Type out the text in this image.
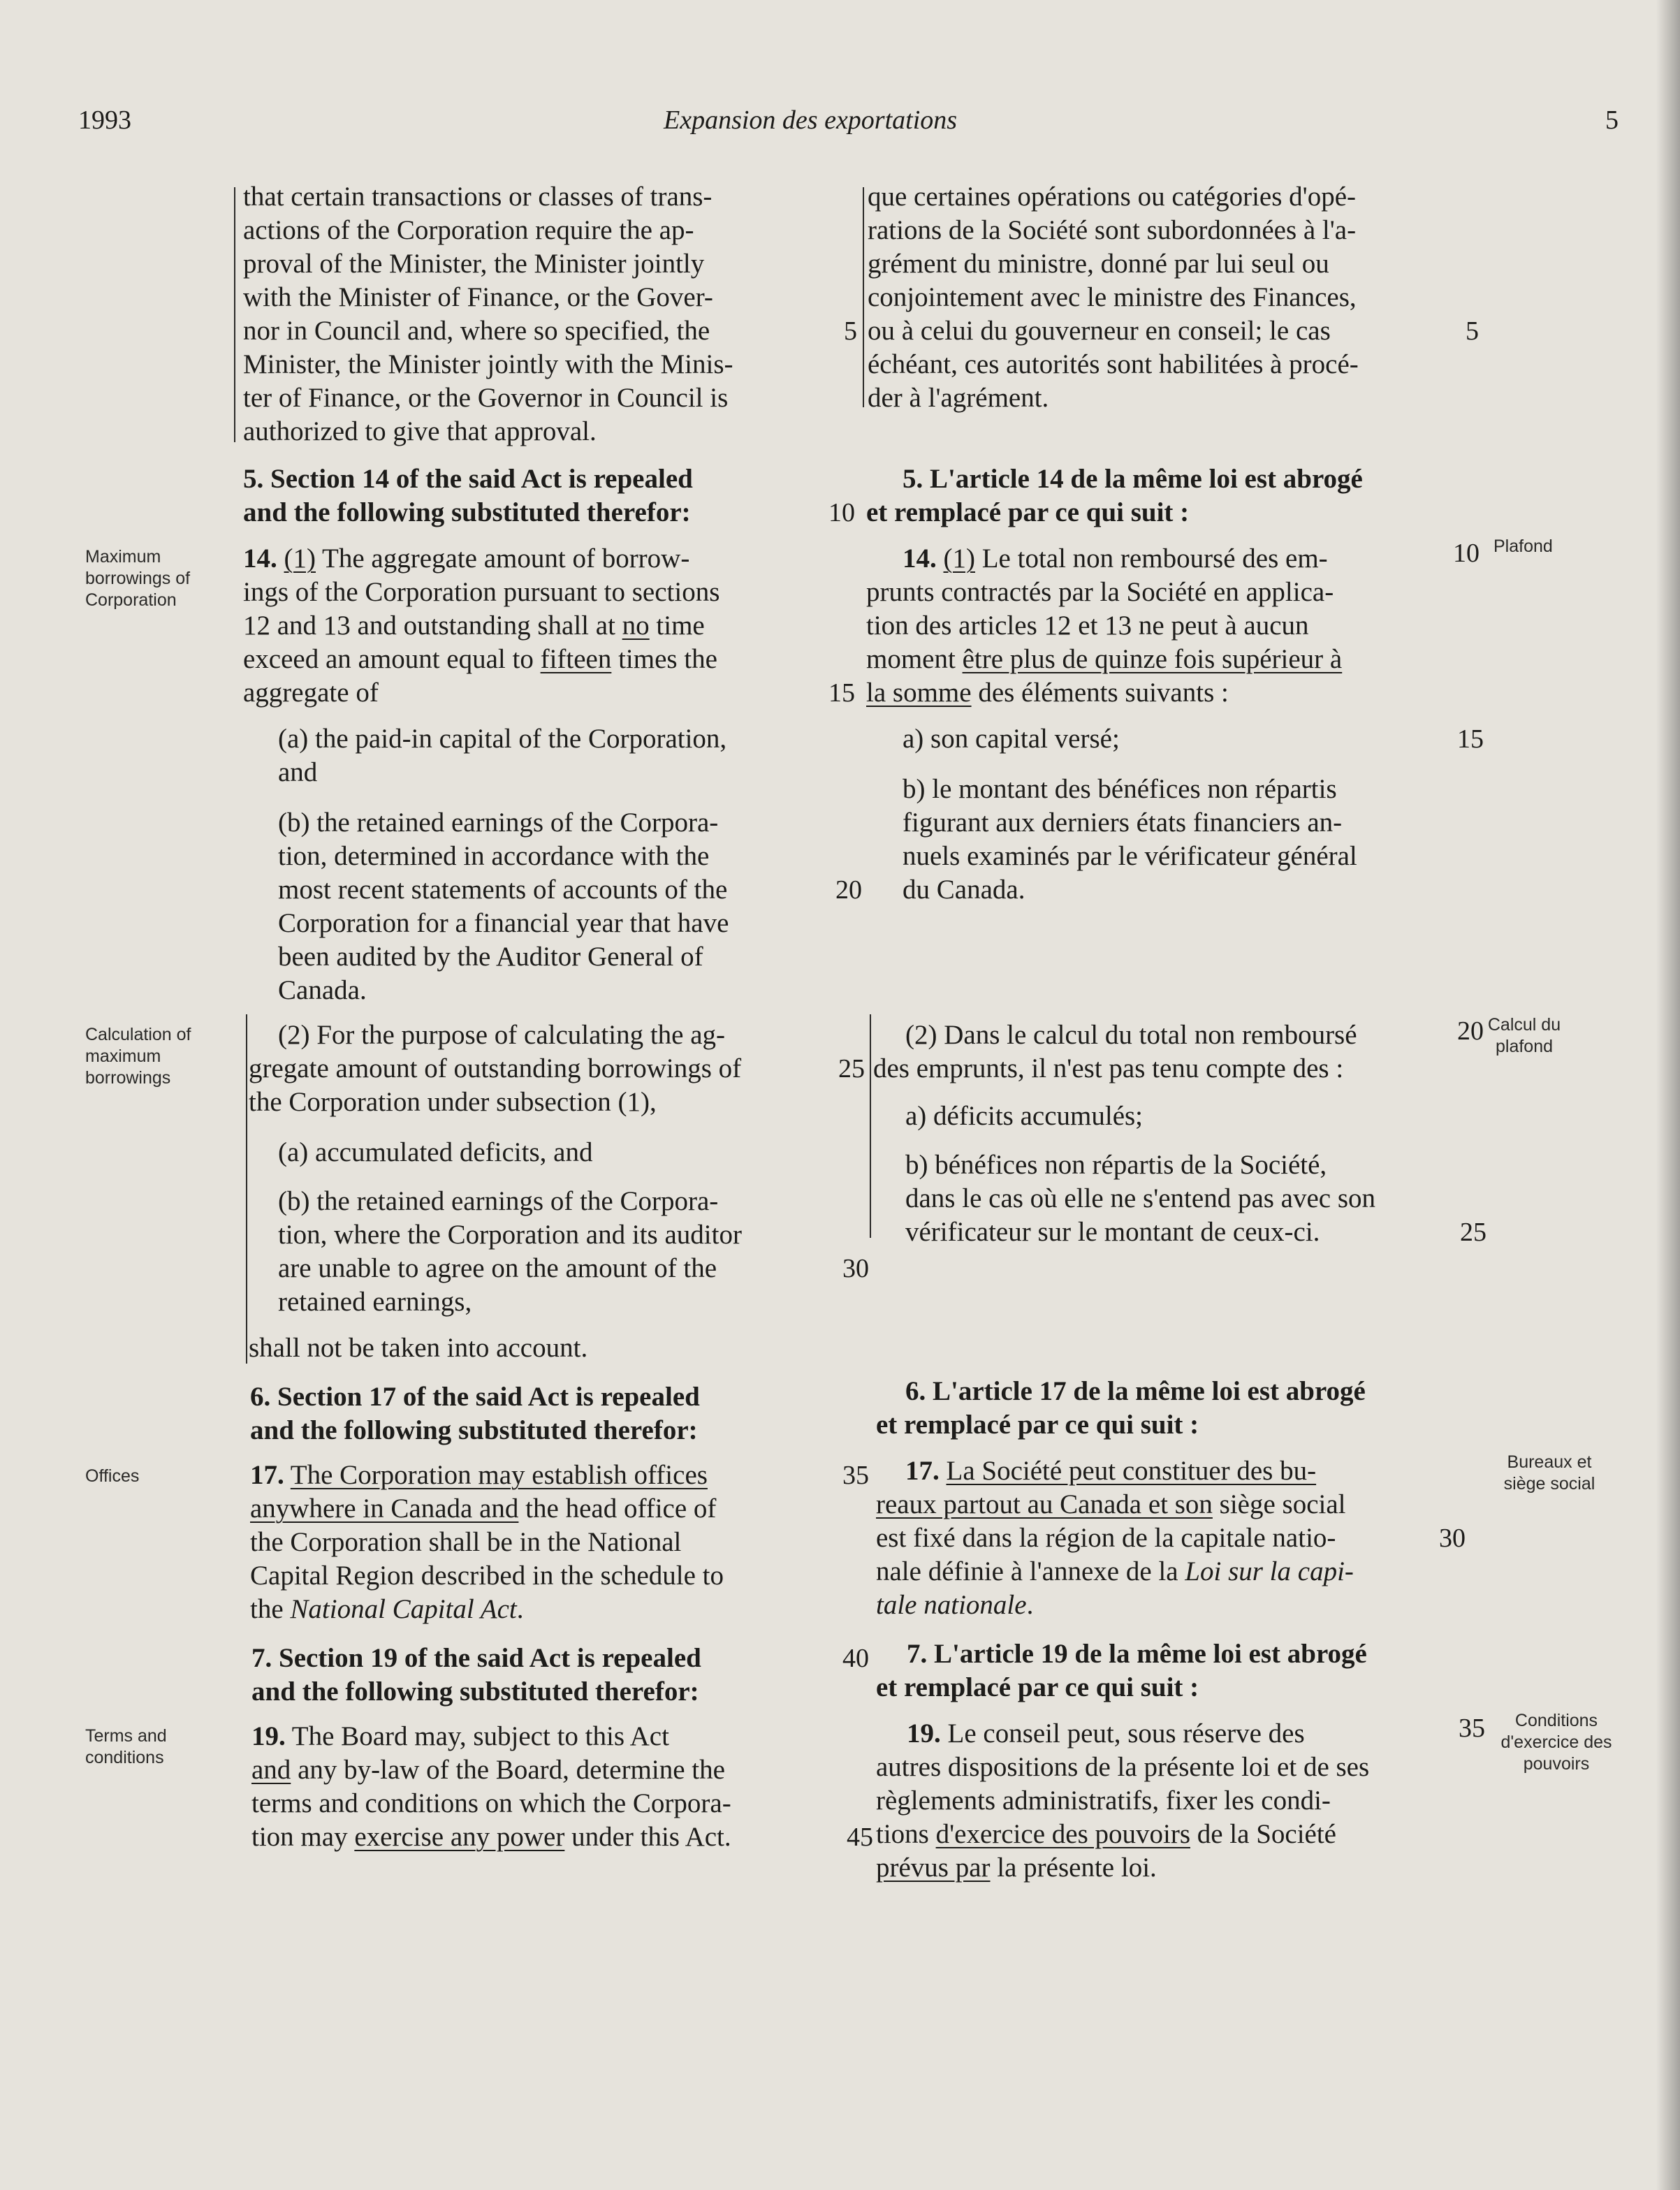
1993	Expansion des exportations	5
Maximum
borrowings of
Corporation
Calculation of
maximum
borrowings
Offices
Terms and
conditions
Plafond
Calcul du
plafond
Bureaux et
siège social
Conditions
d'exercice des
pouvoirs
that certain transactions or classes of trans-
actions of the Corporation require the ap-
proval of the Minister, the Minister jointly
with the Minister of Finance, or the Gover-
nor in Council and, where so specified, the
Minister, the Minister jointly with the Minis-
ter of Finance, or the Governor in Council is
authorized to give that approval.
5. Section 14 of the said Act is repealed
and the following substituted therefor:
14. (1) The aggregate amount of borrow-
ings of the Corporation pursuant to sections
12 and 13 and outstanding shall at no time
exceed an amount equal to fifteen times the
aggregate of
(a) the paid-in capital of the Corporation,
and
(b) the retained earnings of the Corpora-
tion, determined in accordance with the
most recent statements of accounts of the
Corporation for a financial year that have
been audited by the Auditor General of
Canada.
(2) For the purpose of calculating the ag-
gregate amount of outstanding borrowings of
the Corporation under subsection (1),
(a) accumulated deficits, and
(b) the retained earnings of the Corpora-
tion, where the Corporation and its auditor
are unable to agree on the amount of the
retained earnings,
shall not be taken into account.
6. Section 17 of the said Act is repealed
and the following substituted therefor:
17. The Corporation may establish offices
anywhere in Canada and the head office of
the Corporation shall be in the National
Capital Region described in the schedule to
the National Capital Act.
7. Section 19 of the said Act is repealed
and the following substituted therefor:
19. The Board may, subject to this Act
and any by-law of the Board, determine the
terms and conditions on which the Corpora-
tion may exercise any power under this Act.
5
10
15
20
25
30
35
40
45
que certaines opérations ou catégories d'opé-
rations de la Société sont subordonnées à l'a-
grément du ministre, donné par lui seul ou
conjointement avec le ministre des Finances,
ou à celui du gouverneur en conseil; le cas
échéant, ces autorités sont habilitées à procé-
der à l'agrément.
5. L'article 14 de la même loi est abrogé
et remplacé par ce qui suit :
14. (1) Le total non remboursé des em-
prunts contractés par la Société en applica-
tion des articles 12 et 13 ne peut à aucun
moment être plus de quinze fois supérieur à
la somme des éléments suivants :
a) son capital versé;
b) le montant des bénéfices non répartis
figurant aux derniers états financiers an-
nuels examinés par le vérificateur général
du Canada.
(2) Dans le calcul du total non remboursé
des emprunts, il n'est pas tenu compte des :
a) déficits accumulés;
b) bénéfices non répartis de la Société,
dans le cas où elle ne s'entend pas avec son
vérificateur sur le montant de ceux-ci.
6. L'article 17 de la même loi est abrogé
et remplacé par ce qui suit :
17. La Société peut constituer des bu-
reaux partout au Canada et son siège social
est fixé dans la région de la capitale natio-
nale définie à l'annexe de la Loi sur la capi-
tale nationale.
7. L'article 19 de la même loi est abrogé
et remplacé par ce qui suit :
19. Le conseil peut, sous réserve des
autres dispositions de la présente loi et de ses
règlements administratifs, fixer les condi-
tions d'exercice des pouvoirs de la Société
prévus par la présente loi.
5
10
15
20
25
30
35
